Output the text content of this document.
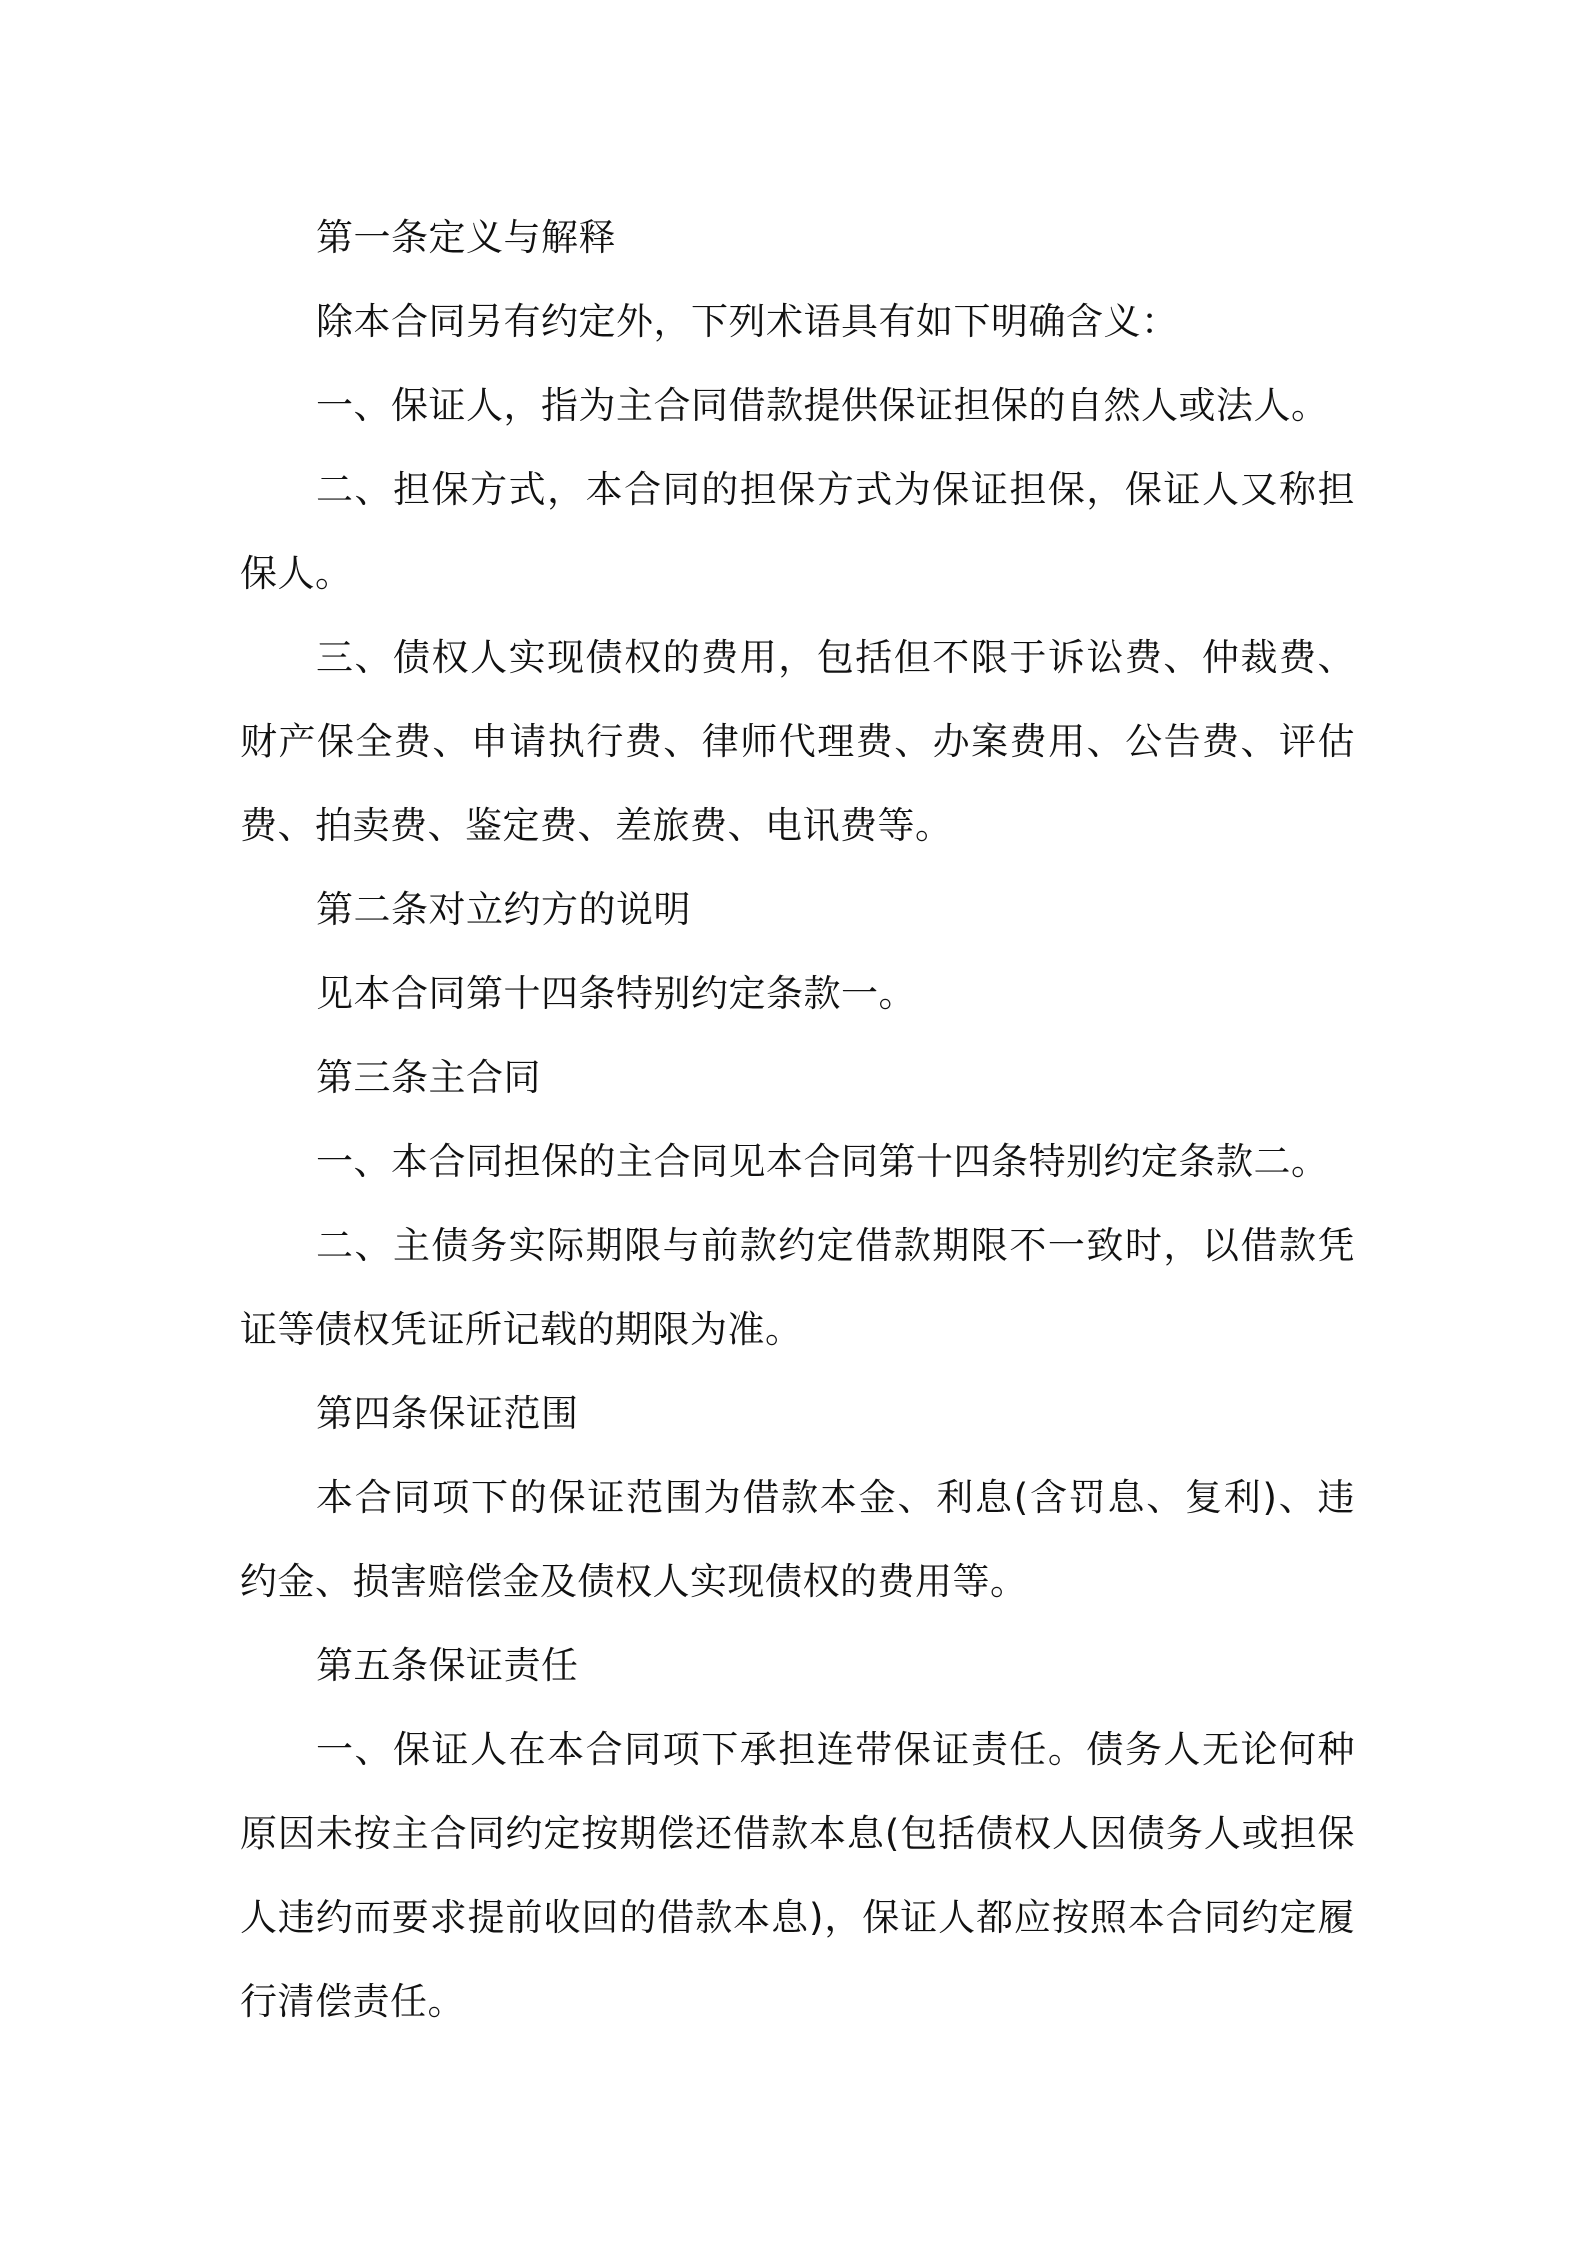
第一条定义与解释

除本合同另有约定外，下列术语具有如下明确含义：

一、保证人，指为主合同借款提供保证担保的自然人或法人。

二、担保方式，本合同的担保方式为保证担保，保证人又称担保人。

三、债权人实现债权的费用，包括但不限于诉讼费、仲裁费、财产保全费、申请执行费、律师代理费、办案费用、公告费、评估费、拍卖费、鉴定费、差旅费、电讯费等。

第二条对立约方的说明

见本合同第十四条特别约定条款一。

第三条主合同

一、本合同担保的主合同见本合同第十四条特别约定条款二。

二、主债务实际期限与前款约定借款期限不一致时，以借款凭证等债权凭证所记载的期限为准。

第四条保证范围

本合同项下的保证范围为借款本金、利息(含罚息、复利)、违约金、损害赔偿金及债权人实现债权的费用等。

第五条保证责任

一、保证人在本合同项下承担连带保证责任。债务人无论何种原因未按主合同约定按期偿还借款本息(包括债权人因债务人或担保人违约而要求提前收回的借款本息)，保证人都应按照本合同约定履行清偿责任。
